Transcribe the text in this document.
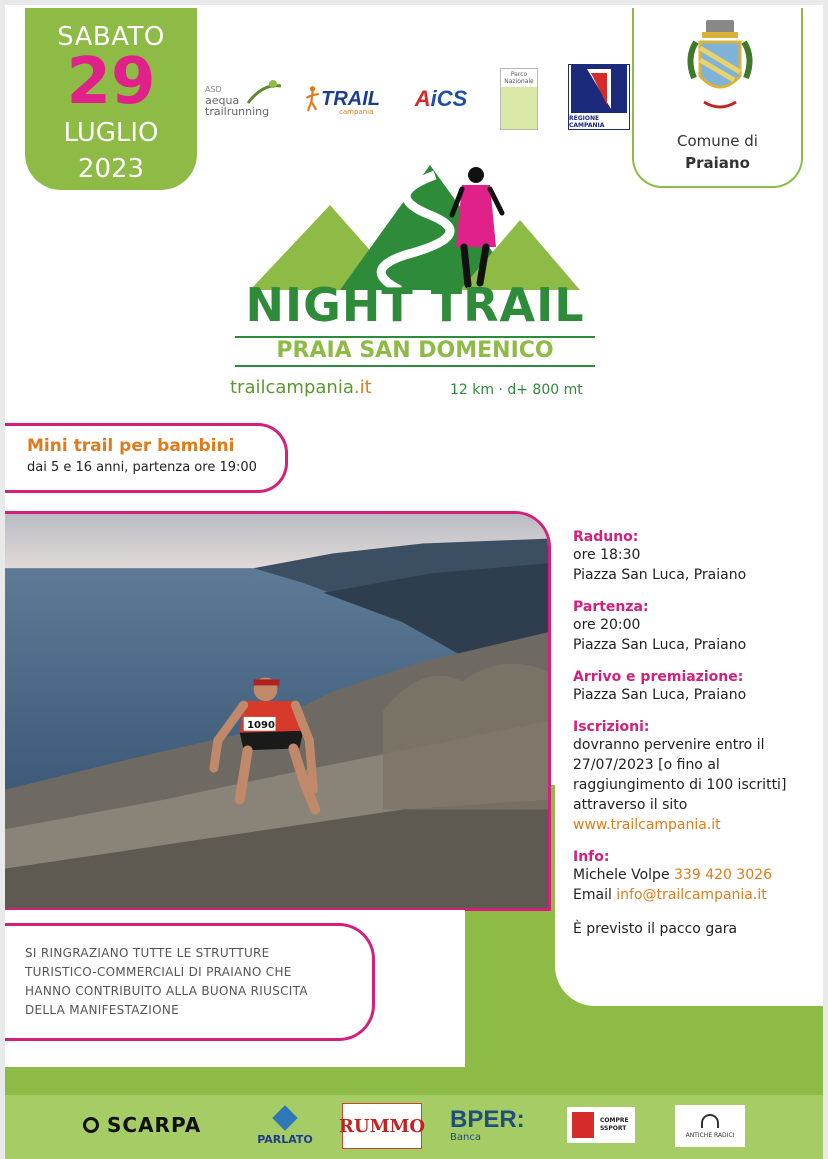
SABATO
29
LUGLIO
2023
ASD
aequa
trailrunning
TRAIL
campania
A iCS
Parco Nazionale
REGIONE CAMPANIA
Comune di
Praiano
NIGHT TRAIL
PRAIA SAN DOMENICO
trailcampania.it	12 km · d+ 800 mt
Mini trail per bambini
dai 5 e 16 anni, partenza ore 19:00
1090
Raduno:
ore 18:30
Piazza San Luca, Praiano
Partenza:
ore 20:00
Piazza San Luca, Praiano
Arrivo e premiazione:
Piazza San Luca, Praiano
Iscrizioni:
dovranno pervenire entro il
27/07/2023 [o fino al
raggiungimento di 100 iscritti]
attraverso il sito
www.trailcampania.it
Info:
Michele Volpe 339 420 3026
Email info@trailcampania.it
È previsto il pacco gara
SI RINGRAZIANO TUTTE LE STRUTTURE
TURISTICO-COMMERCIALI DI PRAIANO CHE
HANNO CONTRIBUITO ALLA BUONA RIUSCITA
DELLA MANIFESTAZIONE
SCARPA
PARLATO
RUMMO BPER:
Banca
COMPRESSPORT
ANTICHE RADICI
